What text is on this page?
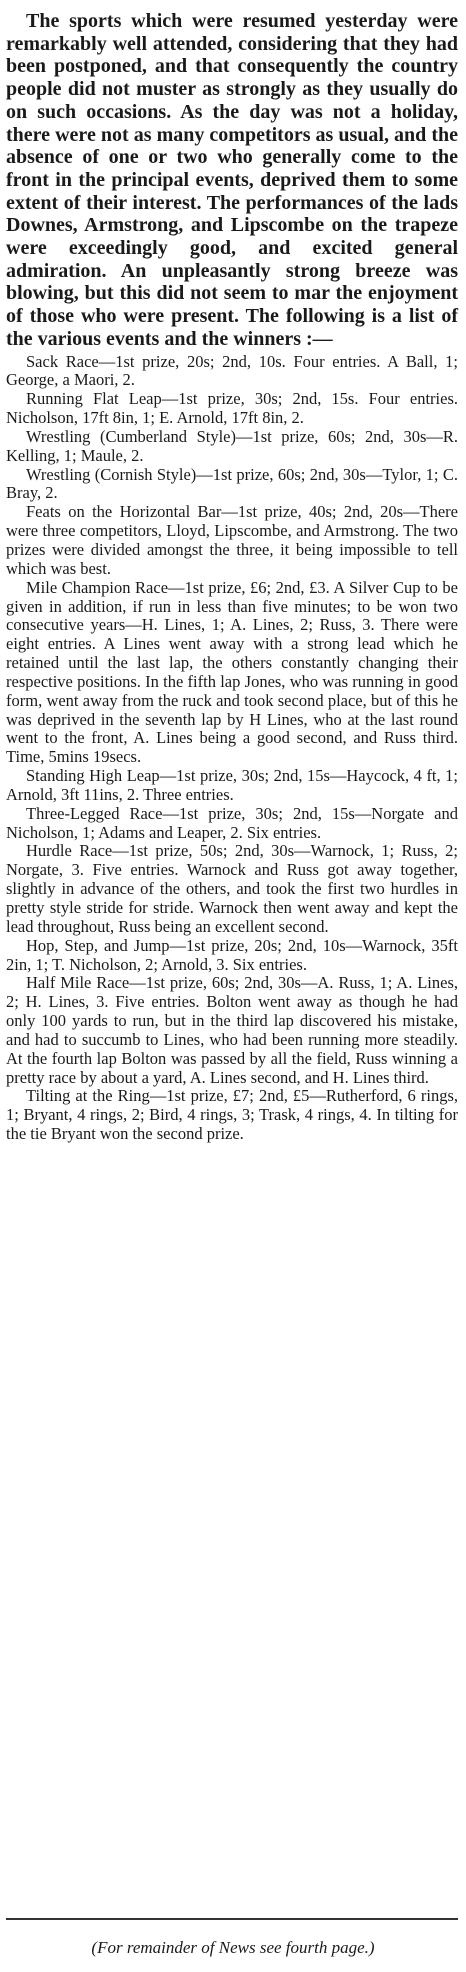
The sports which were resumed yesterday were remarkably well attended, considering that they had been postponed, and that consequently the country people did not muster as strongly as they usually do on such occasions. As the day was not a holiday, there were not as many competitors as usual, and the absence of one or two who generally come to the front in the principal events, deprived them to some extent of their interest. The performances of the lads Downes, Armstrong, and Lipscombe on the trapeze were exceedingly good, and excited general admiration. An unpleasantly strong breeze was blowing, but this did not seem to mar the enjoyment of those who were present. The following is a list of the various events and the winners :—

Sack Race—1st prize, 20s; 2nd, 10s. Four entries. A Ball, 1; George, a Maori, 2.

Running Flat Leap—1st prize, 30s; 2nd, 15s. Four entries. Nicholson, 17ft 8in, 1; E. Arnold, 17ft 8in, 2.

Wrestling (Cumberland Style)—1st prize, 60s; 2nd, 30s—R. Kelling, 1; Maule, 2.

Wrestling (Cornish Style)—1st prize, 60s; 2nd, 30s—Tylor, 1; C. Bray, 2.

Feats on the Horizontal Bar—1st prize, 40s; 2nd, 20s—There were three competitors, Lloyd, Lipscombe, and Armstrong. The two prizes were divided amongst the three, it being impossible to tell which was best.

Mile Champion Race—1st prize, £6; 2nd, £3. A Silver Cup to be given in addition, if run in less than five minutes; to be won two consecutive years—H. Lines, 1; A. Lines, 2; Russ, 3. There were eight entries. A Lines went away with a strong lead which he retained until the last lap, the others constantly changing their respective positions. In the fifth lap Jones, who was running in good form, went away from the ruck and took second place, but of this he was deprived in the seventh lap by H Lines, who at the last round went to the front, A. Lines being a good second, and Russ third. Time, 5mins 19secs.

Standing High Leap—1st prize, 30s; 2nd, 15s—Haycock, 4 ft, 1; Arnold, 3ft 11ins, 2. Three entries.

Three-Legged Race—1st prize, 30s; 2nd, 15s—Norgate and Nicholson, 1; Adams and Leaper, 2. Six entries.

Hurdle Race—1st prize, 50s; 2nd, 30s—Warnock, 1; Russ, 2; Norgate, 3. Five entries. Warnock and Russ got away together, slightly in advance of the others, and took the first two hurdles in pretty style stride for stride. Warnock then went away and kept the lead throughout, Russ being an excellent second.

Hop, Step, and Jump—1st prize, 20s; 2nd, 10s—Warnock, 35ft 2in, 1; T. Nicholson, 2; Arnold, 3. Six entries.

Half Mile Race—1st prize, 60s; 2nd, 30s—A. Russ, 1; A. Lines, 2; H. Lines, 3. Five entries. Bolton went away as though he had only 100 yards to run, but in the third lap discovered his mistake, and had to succumb to Lines, who had been running more steadily. At the fourth lap Bolton was passed by all the field, Russ winning a pretty race by about a yard, A. Lines second, and H. Lines third.

Tilting at the Ring—1st prize, £7; 2nd, £5—Rutherford, 6 rings, 1; Bryant, 4 rings, 2; Bird, 4 rings, 3; Trask, 4 rings, 4. In tilting for the tie Bryant won the second prize.

(For remainder of News see fourth page.)
